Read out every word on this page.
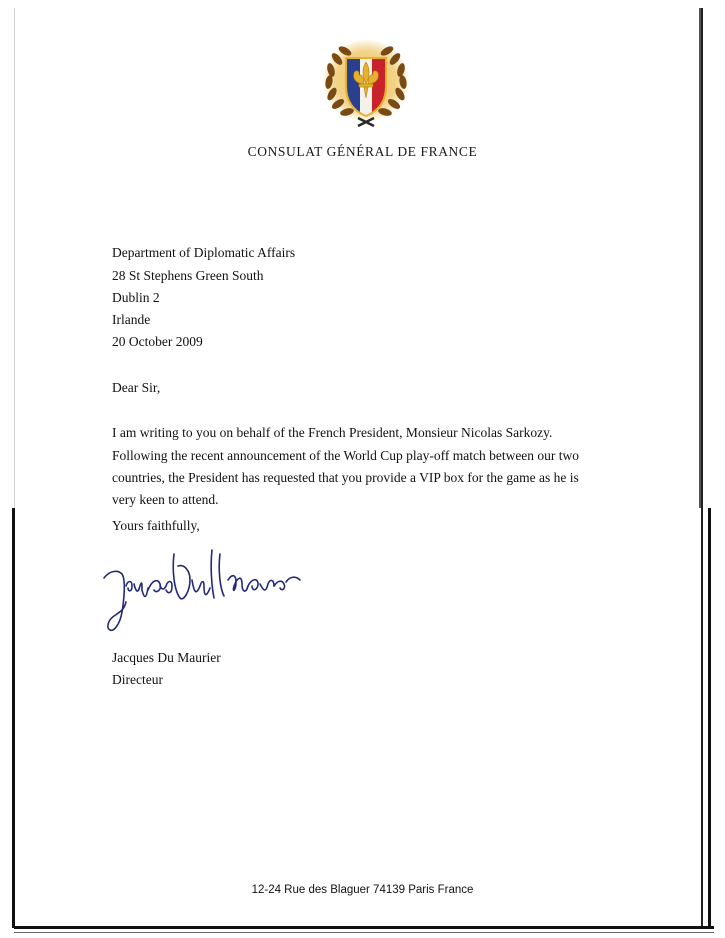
CONSULAT GÉNÉRAL DE FRANCE
Department of Diplomatic Affairs
28 St Stephens Green South
Dublin 2
Irlande
20 October 2009
Dear Sir,
I am writing to you on behalf of the French President, Monsieur Nicolas Sarkozy.
Following the recent announcement of the World Cup play-off match between our two
countries, the President has requested that you provide a VIP box for the game as he is
very keen to attend.
Yours faithfully,
Jacques Du Maurier
Directeur
12-24 Rue des Blaguer 74139 Paris France
